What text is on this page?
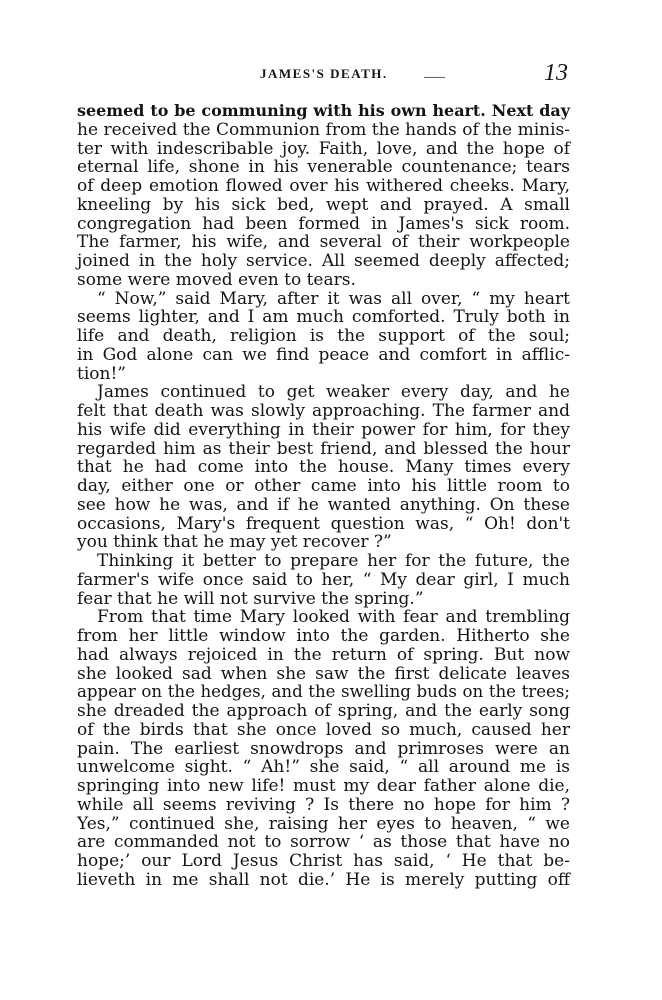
JAMES'S DEATH.	___	13
seemed to be communing with his own heart. Next day
he received the Communion from the hands of the minis-
ter with indescribable joy. Faith, love, and the hope of
eternal life, shone in his venerable countenance; tears
of deep emotion flowed over his withered cheeks. Mary,
kneeling by his sick bed, wept and prayed. A small
congregation had been formed in James's sick room.
The farmer, his wife, and several of their workpeople
joined in the holy service. All seemed deeply affected;
some were moved even to tears.
“ Now,” said Mary, after it was all over, “ my heart
seems lighter, and I am much comforted. Truly both in
life and death, religion is the support of the soul;
in God alone can we find peace and comfort in afflic-
tion!”
James continued to get weaker every day, and he
felt that death was slowly approaching. The farmer and
his wife did everything in their power for him, for they
regarded him as their best friend, and blessed the hour
that he had come into the house. Many times every
day, either one or other came into his little room to
see how he was, and if he wanted anything. On these
occasions, Mary's frequent question was, “ Oh! don't
you think that he may yet recover ?”
Thinking it better to prepare her for the future, the
farmer's wife once said to her, “ My dear girl, I much
fear that he will not survive the spring.”
From that time Mary looked with fear and trembling
from her little window into the garden. Hitherto she
had always rejoiced in the return of spring. But now
she looked sad when she saw the first delicate leaves
appear on the hedges, and the swelling buds on the trees;
she dreaded the approach of spring, and the early song
of the birds that she once loved so much, caused her
pain. The earliest snowdrops and primroses were an
unwelcome sight. “ Ah!” she said, “ all around me is
springing into new life! must my dear father alone die,
while all seems reviving ? Is there no hope for him ?
Yes,” continued she, raising her eyes to heaven, “ we
are commanded not to sorrow ‘ as those that have no
hope;’ our Lord Jesus Christ has said, ‘ He that be-
lieveth in me shall not die.’ He is merely putting off
